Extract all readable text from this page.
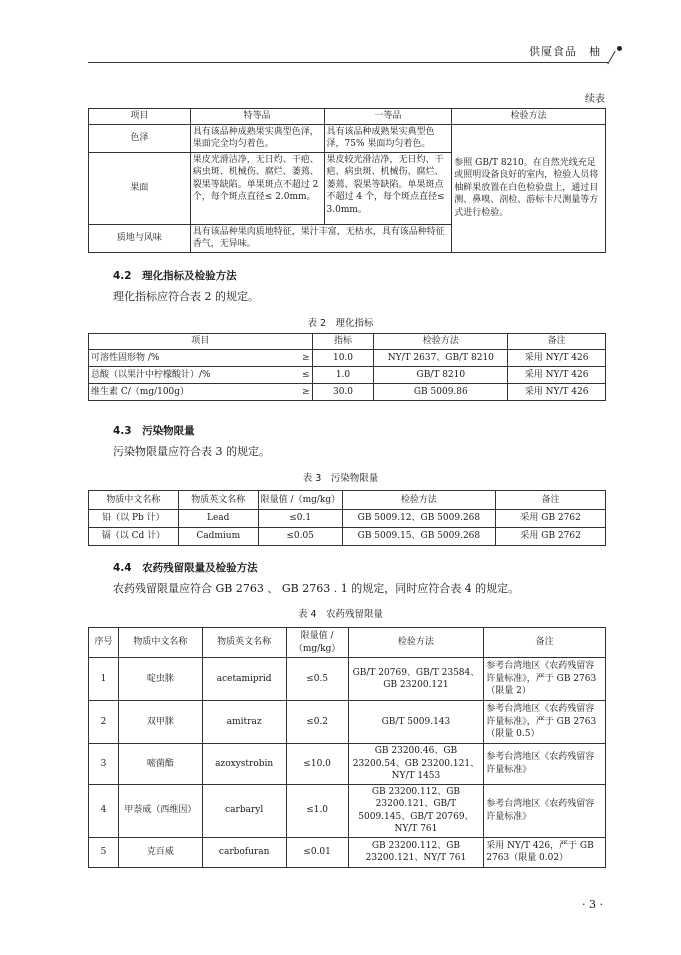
供厦食品　柚
续表
项目	特等品	一等品	检验方法
色泽	具有该品种成熟果实典型色泽，果面完全均匀着色。	具有该品种成熟果实典型色泽，75% 果面均匀着色。	参照 GB/T 8210。在自然光线充足或照明设备良好的室内，检验人员将柚鲜果放置在白色检验盘上，通过目测、鼻嗅、剖检、游标卡尺测量等方式进行检验。
果面	果皮光滑洁净，无日灼、干疤、病虫斑、机械伤、腐烂、萎蔫、裂果等缺陷。单果斑点不超过 2 个，每个斑点直径≤ 2.0mm。	果皮较光滑洁净，无日灼、干疤、病虫斑、机械伤、腐烂、萎蔫、裂果等缺陷。单果斑点不超过 4 个，每个斑点直径≤ 3.0mm。	
质地与风味	具有该品种果肉质地特征，果汁丰富，无枯水，具有该品种特征香气，无异味。		
4.2　理化指标及检验方法
理化指标应符合表 2 的规定。
表 2　理化指标
项目	指标	检验方法	备注
可溶性固形物 /% ≥	10.0	NY/T 2637、GB/T 8210	采用 NY/T 426
总酸（以果汁中柠檬酸计）/% ≤	1.0	GB/T 8210	采用 NY/T 426
维生素 C/（mg/100g） ≥	30.0	GB 5009.86	采用 NY/T 426
4.3　污染物限量
污染物限量应符合表 3 的规定。
表 3　污染物限量
物质中文名称	物质英文名称	限量值 /（mg/kg）	检验方法	备注
铅（以 Pb 计）	Lead	≤0.1	GB 5009.12、GB 5009.268	采用 GB 2762
镉（以 Cd 计）	Cadmium	≤0.05	GB 5009.15、GB 5009.268	采用 GB 2762
4.4　农药残留限量及检验方法
农药残留限量应符合 GB 2763 、 GB 2763 . 1 的规定，同时应符合表 4 的规定。
表 4　农药残留限量
序号	物质中文名称	物质英文名称	限量值 /（mg/kg）	检验方法	备注
1	啶虫脒	acetamiprid	≤0.5	GB/T 20769、GB/T 23584、GB 23200.121	参考台湾地区《农药残留容许量标准》，严于 GB 2763（限量 2）
2	双甲脒	amitraz	≤0.2	GB/T 5009.143	参考台湾地区《农药残留容许量标准》，严于 GB 2763（限量 0.5）
3	嘧菌酯	azoxystrobin	≤10.0	GB 23200.46、GB 23200.54、GB 23200.121、NY/T 1453	参考台湾地区《农药残留容许量标准》
4	甲萘威（西维因）	carbaryl	≤1.0	GB 23200.112、GB 23200.121、GB/T 5009.145、GB/T 20769、NY/T 761	参考台湾地区《农药残留容许量标准》
5	克百威	carbofuran	≤0.01	GB 23200.112、GB 23200.121、NY/T 761	采用 NY/T 426，严于 GB 2763（限量 0.02）
· 3 ·
